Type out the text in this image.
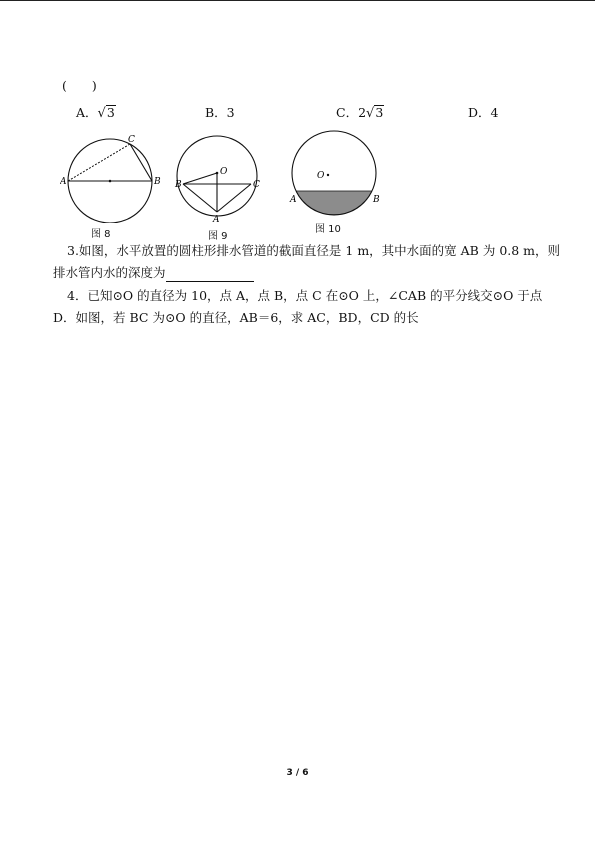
(　　)
A．√3	B．3	C．2√3	D．4
A	B
C
图 8
O
A
B	C
图 9
O
A	B
图 10
3.如图，水平放置的圆柱形排水管道的截面直径是 1 m，其中水面的宽 AB 为 0.8 m，则
排水管内水的深度为
4．已知⊙O 的直径为 10，点 A，点 B，点 C 在⊙O 上，∠CAB 的平分线交⊙O 于点
D．如图，若 BC 为⊙O 的直径，AB＝6，求 AC，BD，CD 的长
3 / 6
